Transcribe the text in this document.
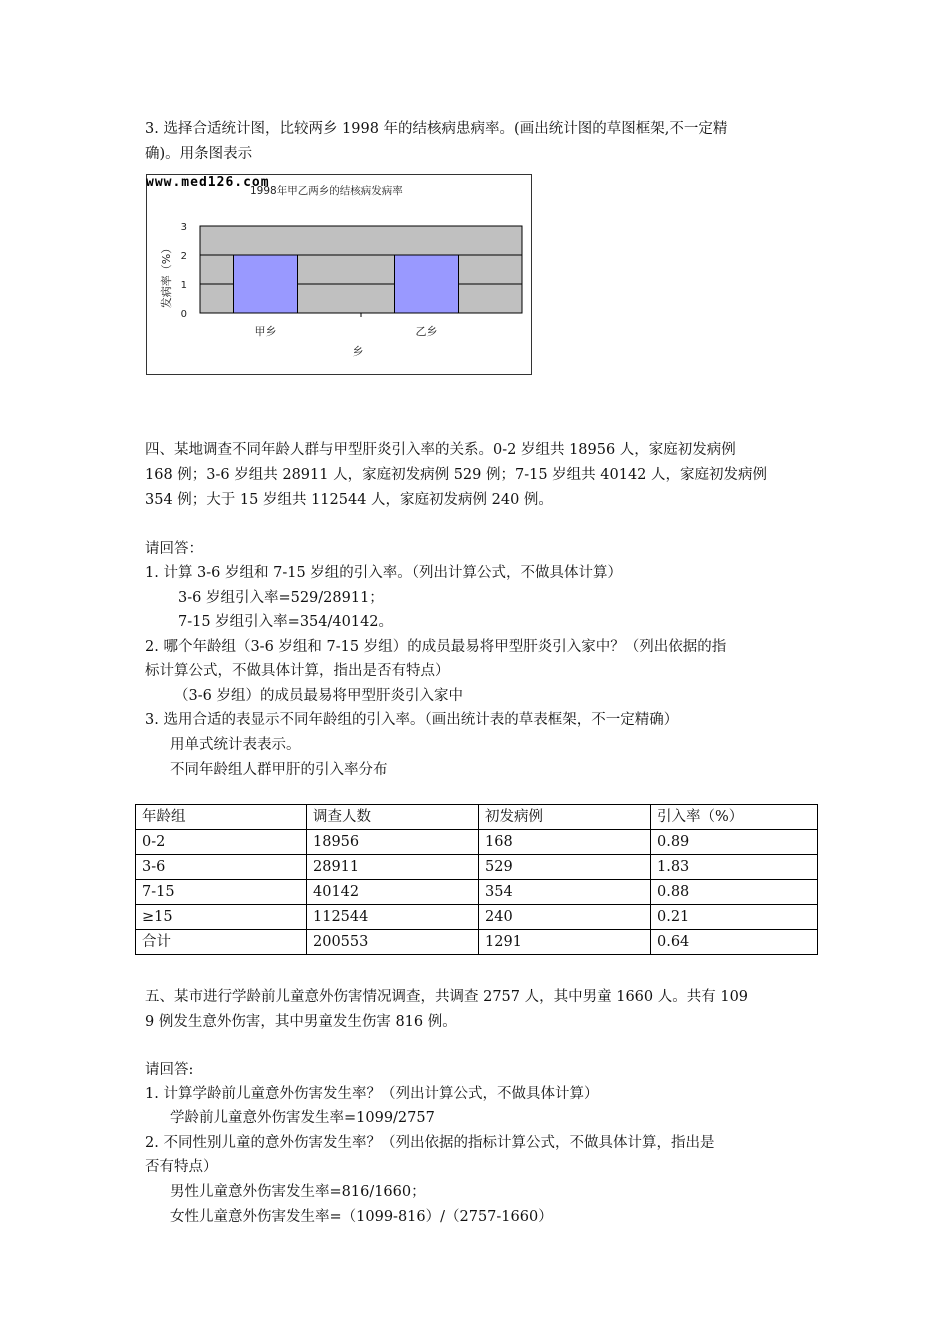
3. 选择合适统计图，比较两乡 1998 年的结核病患病率。(画出统计图的草图框架,不一定精
确)。用条图表示
www.med126.com
1998年甲乙两乡的结核病发病率
0
1
2
3
甲乡	乙乡
乡
发病率（%）
四、某地调查不同年龄人群与甲型肝炎引入率的关系。0-2 岁组共 18956 人，家庭初发病例
168 例；3-6 岁组共 28911 人，家庭初发病例 529 例；7-15 岁组共 40142 人，家庭初发病例
354 例；大于 15 岁组共 112544 人，家庭初发病例 240 例。
请回答：
1. 计算 3-6 岁组和 7-15 岁组的引入率。（列出计算公式，不做具体计算）
3-6 岁组引入率=529/28911；
7-15 岁组引入率=354/40142。
2. 哪个年龄组（3-6 岁组和 7-15 岁组）的成员最易将甲型肝炎引入家中？（列出依据的指
标计算公式，不做具体计算，指出是否有特点）
（3-6 岁组）的成员最易将甲型肝炎引入家中
3. 选用合适的表显示不同年龄组的引入率。（画出统计表的草表框架，不一定精确）
用单式统计表表示。
不同年龄组人群甲肝的引入率分布
年龄组	调查人数	初发病例	引入率（%）
0-2	18956	168	0.89
3-6	28911	529	1.83
7-15	40142	354	0.88
≥15	112544	240	0.21
合计	200553	1291	0.64
五、某市进行学龄前儿童意外伤害情况调查，共调查 2757 人，其中男童 1660 人。共有 109
9 例发生意外伤害，其中男童发生伤害 816 例。
请回答:
1. 计算学龄前儿童意外伤害发生率？（列出计算公式，不做具体计算）
学龄前儿童意外伤害发生率=1099/2757
2. 不同性别儿童的意外伤害发生率？（列出依据的指标计算公式，不做具体计算，指出是
否有特点）
男性儿童意外伤害发生率=816/1660；
女性儿童意外伤害发生率=（1099-816）/（2757-1660）
